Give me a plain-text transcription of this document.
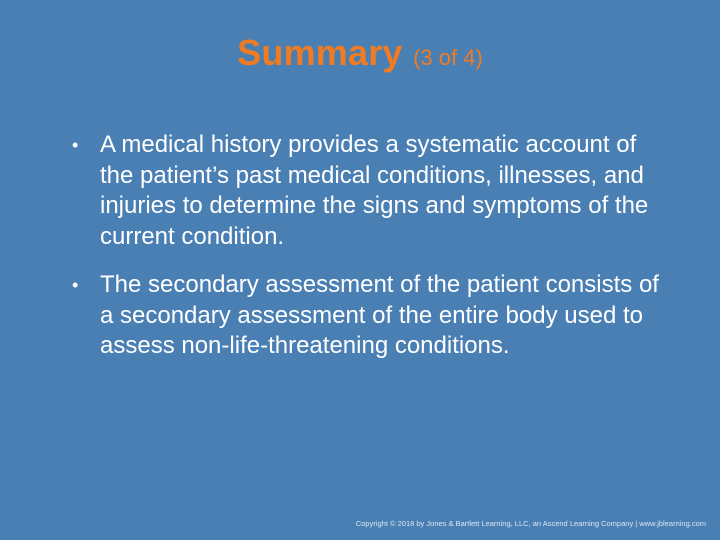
Summary (3 of 4)
• A medical history provides a systematic account of the patient’s past medical conditions, illnesses, and injuries to determine the signs and symptoms of the current condition.
• The secondary assessment of the patient consists of a secondary assessment of the entire body used to assess non-life-threatening conditions.
Copyright © 2018 by Jones & Bartlett Learning, LLC, an Ascend Learning Company | www.jblearning.com
